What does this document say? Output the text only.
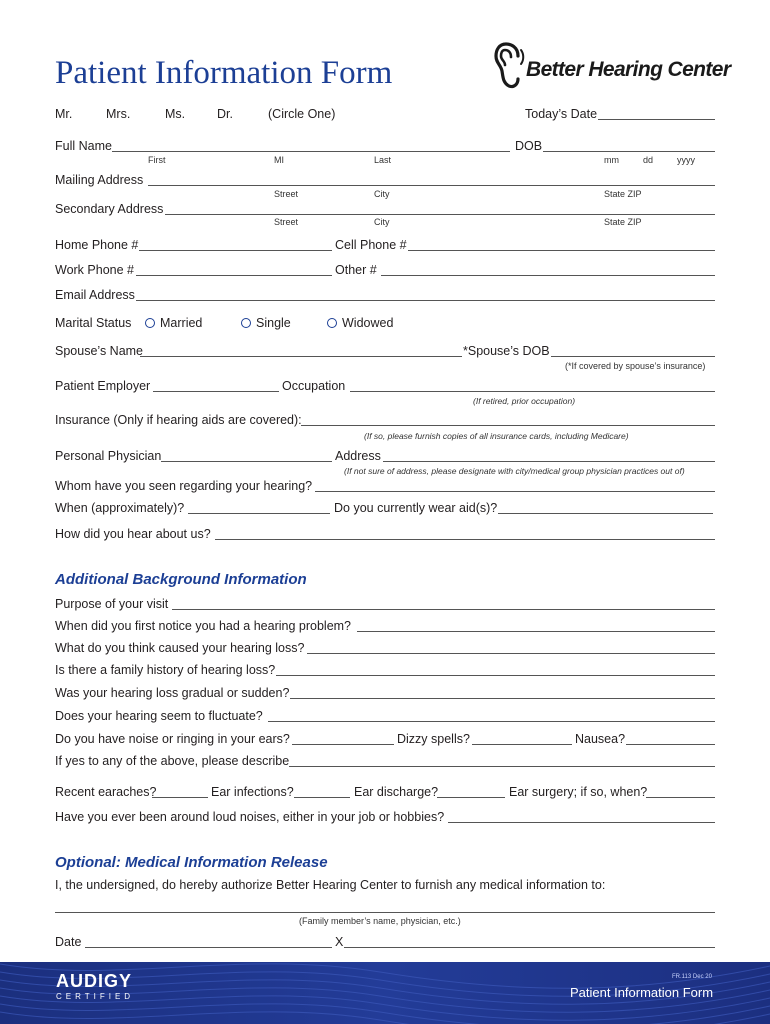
Patient Information Form	Better Hearing Center
Mr.	Mrs.	Ms.	Dr.	(Circle One)	Today’s Date
Full Name	DOB
First	MI	Last	mm	dd	yyyy
Mailing Address
Street	City	State ZIP
Secondary Address
Street	City	State ZIP
Home Phone #	Cell Phone #
Work Phone #	Other #
Email Address
Marital Status	Married	Single	Widowed
Spouse’s Name	*Spouse’s DOB
(*If covered by spouse’s insurance)
Patient Employer	Occupation
(If retired, prior occupation)
Insurance (Only if hearing aids are covered):
(If so, please furnish copies of all insurance cards, including Medicare)
Personal Physician	Address
(If not sure of address, please designate with city/medical group physician practices out of)
Whom have you seen regarding your hearing?
When (approximately)?	Do you currently wear aid(s)?
How did you hear about us?
Additional Background Information
Purpose of your visit
When did you first notice you had a hearing problem?
What do you think caused your hearing loss?
Is there a family history of hearing loss?
Was your hearing loss gradual or sudden?
Does your hearing seem to fluctuate?
Do you have noise or ringing in your ears?	Dizzy spells?	Nausea?
If yes to any of the above, please describe
Recent earaches?	Ear infections?	Ear discharge?	Ear surgery; if so, when?
Have you ever been around loud noises, either in your job or hobbies?
Optional: Medical Information Release
I, the undersigned, do hereby authorize Better Hearing Center to furnish any medical information to:
(Family member’s name, physician, etc.)
Date	X
AUDIGY
CERTIFIED
FR.113 Dec 20
Patient Information Form
